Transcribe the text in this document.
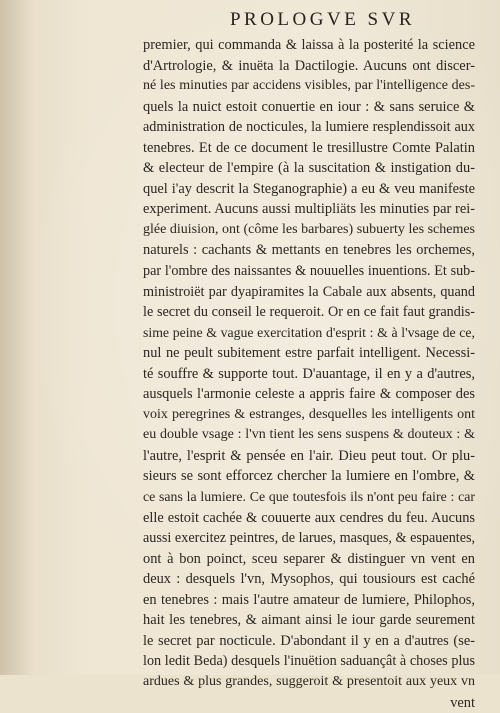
PROLOGVE SVR
premier, qui commanda & laissa à la posterité la science
d'Artrologie, & inuëta la Dactilogie. Aucuns ont discer-
né les minuties par accidens visibles, par l'intelligence des-
quels la nuict estoit conuertie en iour : & sans seruice &
administration de nocticules, la lumiere resplendissoit aux
tenebres. Et de ce document le tresillustre Comte Palatin
& electeur de l'empire (à la suscitation & instigation du-
quel i'ay descrit la Steganographie) a eu & veu manifeste
experiment. Aucuns aussi multipliäts les minuties par rei-
glée diuision, ont (côme les barbares) subuerty les schemes
naturels : cachants & mettants en tenebres les orchemes,
par l'ombre des naissantes & nouuelles inuentions. Et sub-
ministroiët par dyapiramites la Cabale aux absents, quand
le secret du conseil le requeroit. Or en ce fait faut grandis-
sime peine & vague exercitation d'esprit : & à l'vsage de ce,
nul ne peult subitement estre parfait intelligent. Necessi-
té souffre & supporte tout. D'auantage, il en y a d'autres,
ausquels l'armonie celeste a appris faire & composer des
voix peregrines & estranges, desquelles les intelligents ont
eu double vsage : l'vn tient les sens suspens & douteux : &
l'autre, l'esprit & pensée en l'air. Dieu peut tout. Or plu-
sieurs se sont efforcez chercher la lumiere en l'ombre, &
ce sans la lumiere. Ce que toutesfois ils n'ont peu faire : car
elle estoit cachée & couuerte aux cendres du feu. Aucuns
aussi exercitez peintres, de larues, masques, & espauentes,
ont à bon poinct, sceu separer & distinguer vn vent en
deux : desquels l'vn, Mysophos, qui tousiours est caché
en tenebres : mais l'autre amateur de lumiere, Philophos,
hait les tenebres, & aimant ainsi le iour garde seurement
le secret par nocticule. D'abondant il y en a d'autres (se-
lon ledit Beda) desquels l'inuëtion saduançât à choses plus
ardues & plus grandes, suggeroit & presentoit aux yeux vn
vent
